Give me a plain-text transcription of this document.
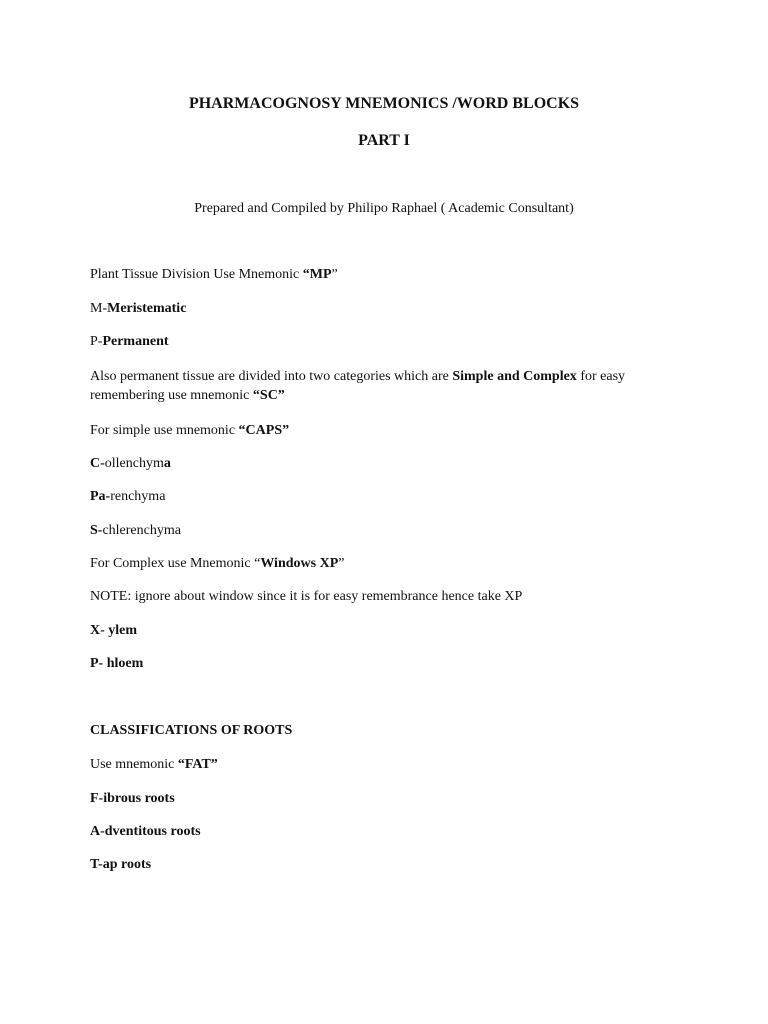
PHARMACOGNOSY MNEMONICS /WORD BLOCKS
PART I
Prepared and Compiled by Philipo Raphael ( Academic Consultant)
Plant Tissue Division Use Mnemonic “MP”
M-Meristematic
P-Permanent
Also permanent tissue are divided into two categories which are Simple and Complex for easy remembering use mnemonic “SC”
For simple use mnemonic “CAPS”
C-ollenchyma
Pa-renchyma
S-chlerenchyma
For Complex use Mnemonic “Windows XP”
NOTE: ignore about window since it is for easy remembrance hence take XP
X- ylem
P- hloem
CLASSIFICATIONS OF ROOTS
Use mnemonic “FAT”
F-ibrous roots
A-dventitous roots
T-ap roots
